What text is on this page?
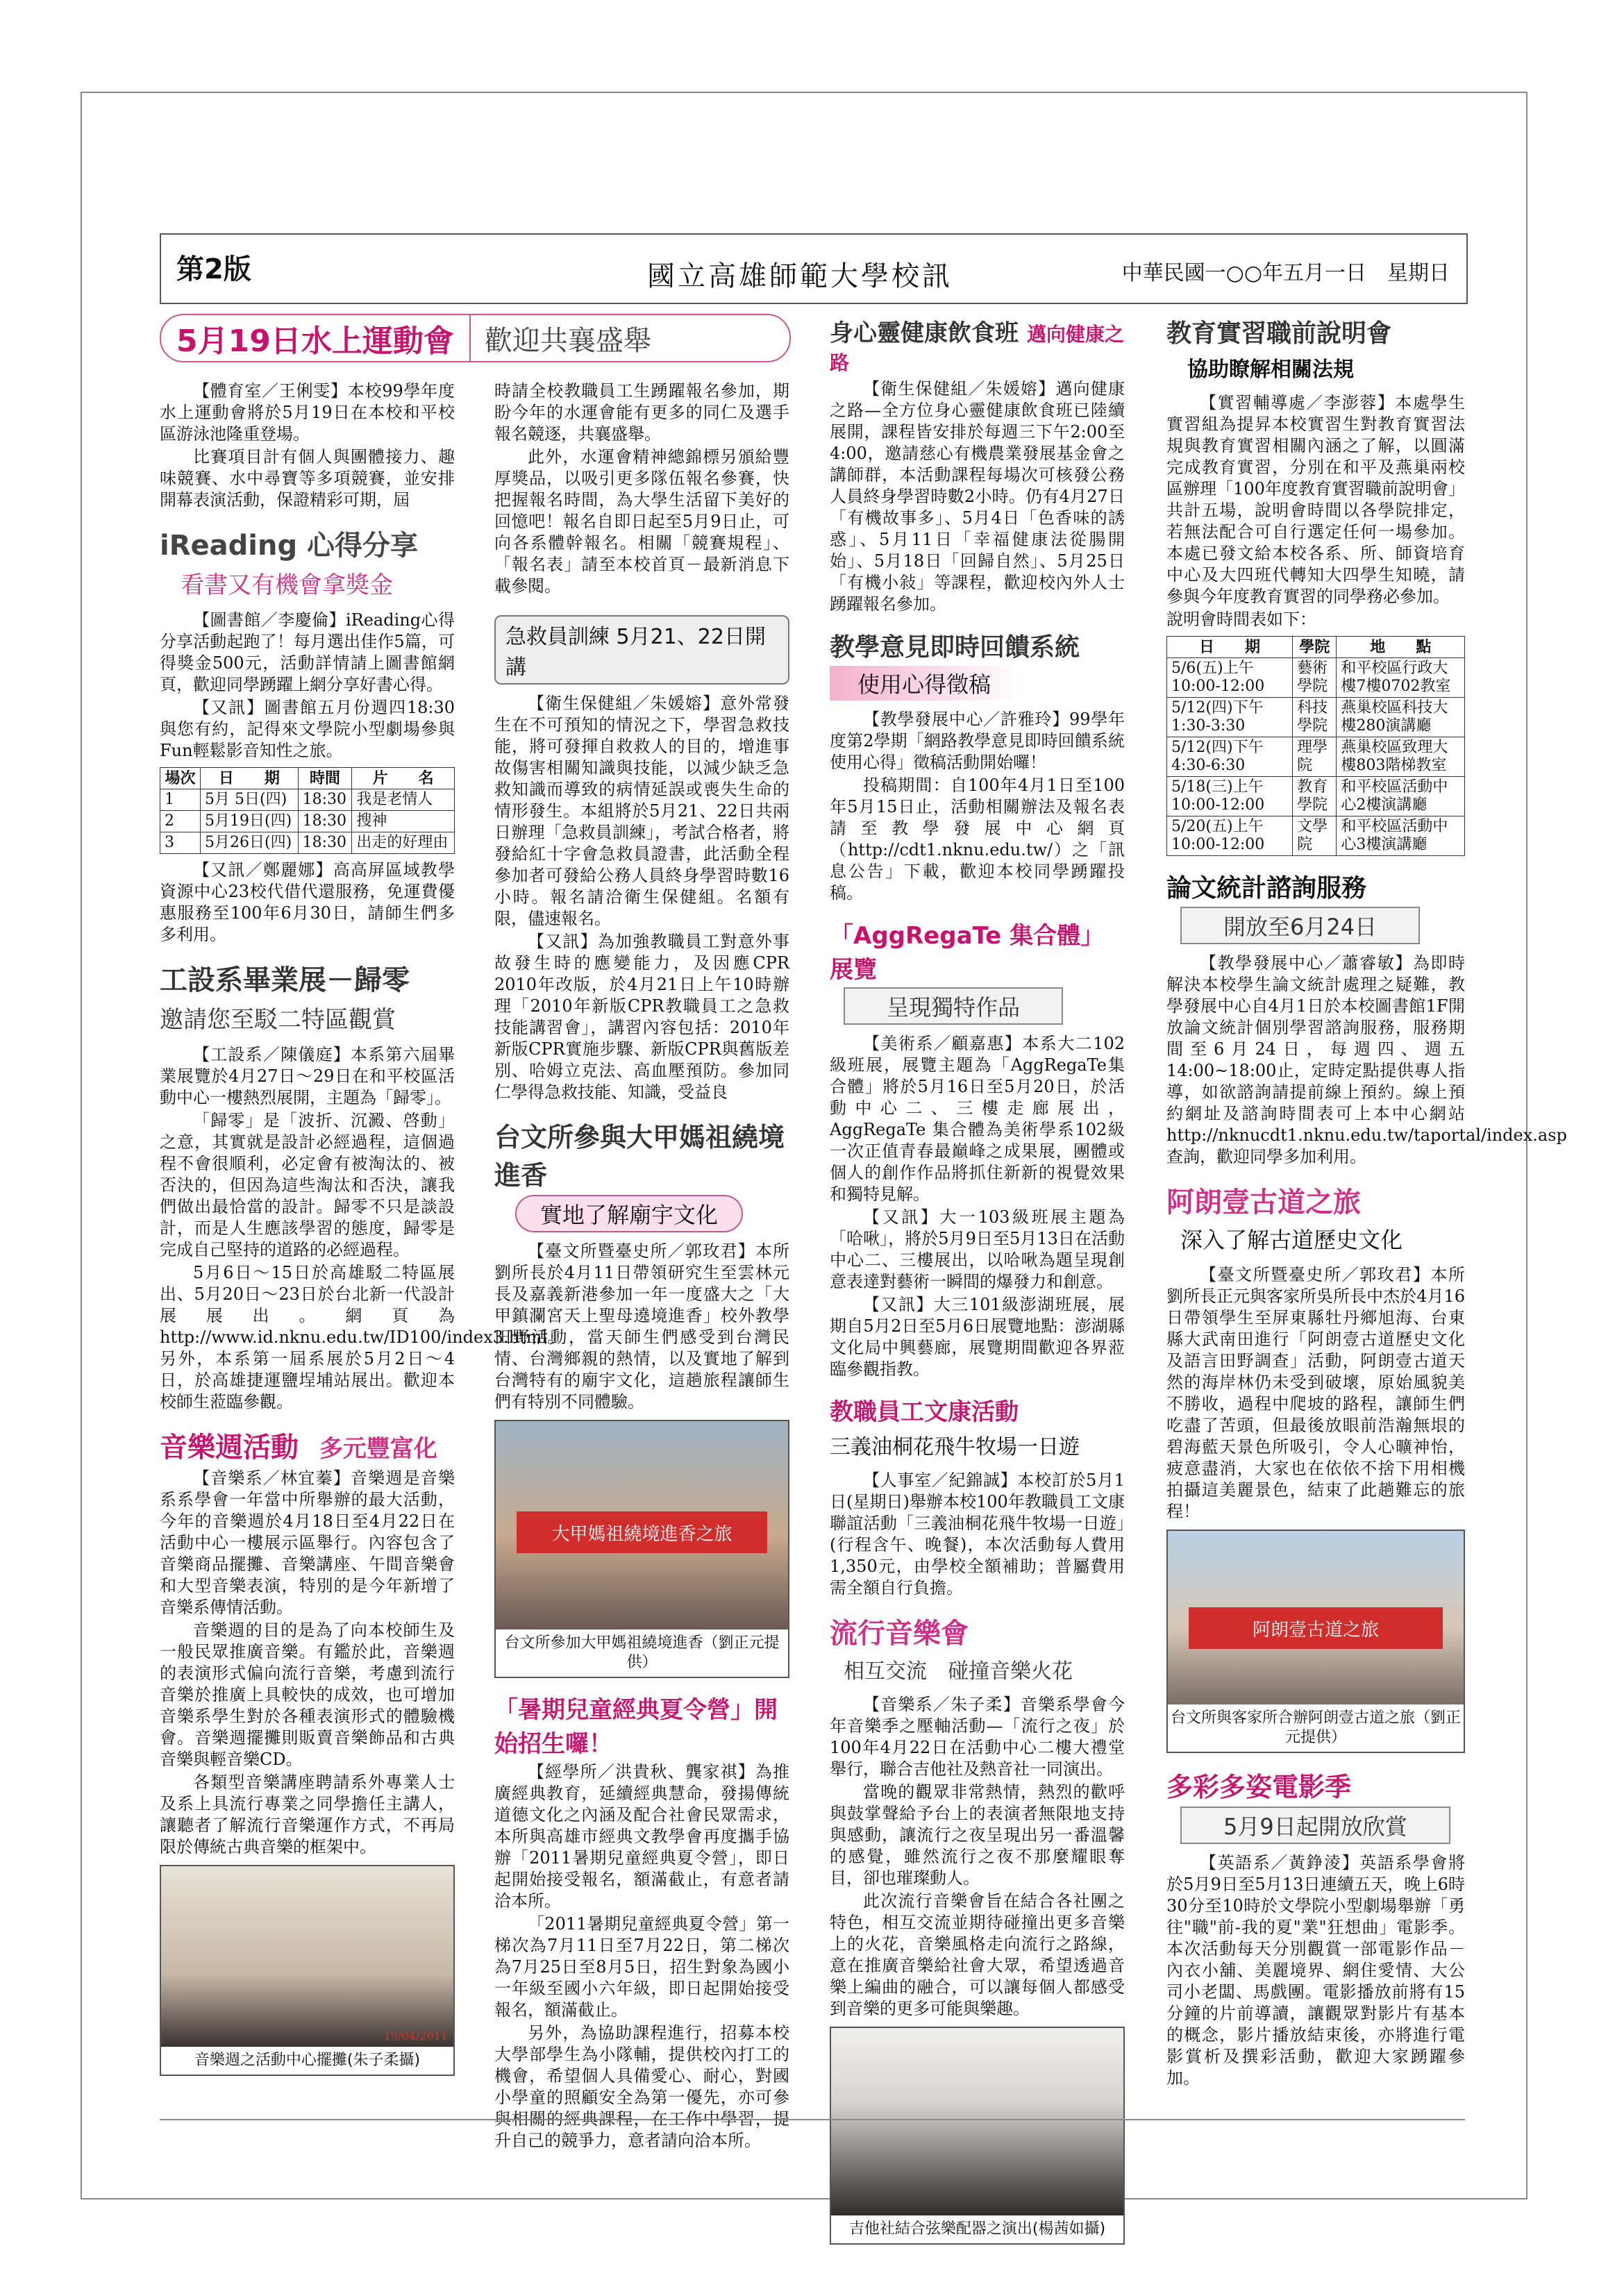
第2版	國立高雄師範大學校訊	中華民國一○○年五月一日　星期日
5月19日水上運動會	歡迎共襄盛舉

【體育室／王俐雯】本校99學年度水上運動會將於5月19日在本校和平校區游泳池隆重登場。

比賽項目計有個人與團體接力、趣味競賽、水中尋寶等多項競賽，並安排開幕表演活動，保證精彩可期，屆

iReading 心得分享
看書又有機會拿獎金

【圖書館／李慶倫】iReading心得分享活動起跑了！每月選出佳作5篇，可得獎金500元，活動詳情請上圖書館網頁，歡迎同學踴躍上網分享好書心得。

【又訊】圖書館五月份週四18:30與您有約，記得來文學院小型劇場參與Fun輕鬆影音知性之旅。

場次	日　　期	時間	片　　名
1	5月 5日(四)	18:30	我是老情人
2	5月19日(四)	18:30	搜神
3	5月26日(四)	18:30	出走的好理由

【又訊／鄭麗娜】高高屏區域教學資源中心23校代借代還服務，免運費優惠服務至100年6月30日，請師生們多多利用。

工設系畢業展－歸零
邀請您至駁二特區觀賞

【工設系／陳儀庭】本系第六屆畢業展覽於4月27日～29日在和平校區活動中心一樓熱烈展開，主題為「歸零」。

「歸零」是「波折、沉澱、啓動」之意，其實就是設計必經過程，這個過程不會很順利，必定會有被淘汰的、被否決的，但因為這些淘汰和否決，讓我們做出最恰當的設計。歸零不只是談設計，而是人生應該學習的態度，歸零是完成自己堅持的道路的必經過程。

5月6日～15日於高雄駁二特區展出、5月20日～23日於台北新一代設計展展出。網頁為http://www.id.nknu.edu.tw/ID100/index3.html。另外，本系第一屆系展於5月2日～4日，於高雄捷運鹽埕埔站展出。歡迎本校師生蒞臨參觀。

音樂週活動 多元豐富化

【音樂系／林宜蓁】音樂週是音樂系系學會一年當中所舉辦的最大活動，今年的音樂週於4月18日至4月22日在活動中心一樓展示區舉行。內容包含了音樂商品擺攤、音樂講座、午間音樂會和大型音樂表演，特別的是今年新增了音樂系傳情活動。

音樂週的目的是為了向本校師生及一般民眾推廣音樂。有鑑於此，音樂週的表演形式偏向流行音樂，考慮到流行音樂於推廣上具較快的成效，也可增加音樂系學生對於各種表演形式的體驗機會。音樂週擺攤則販賣音樂飾品和古典音樂與輕音樂CD。

各類型音樂講座聘請系外專業人士及系上具流行專業之同學擔任主講人，讓聽者了解流行音樂運作方式，不再局限於傳統古典音樂的框架中。

19/04/2011
音樂週之活動中心擺攤(朱子柔攝)

時請全校教職員工生踴躍報名參加，期盼今年的水運會能有更多的同仁及選手報名競逐，共襄盛舉。

此外，水運會精神總錦標另頒給豐厚獎品，以吸引更多隊伍報名參賽，快把握報名時間，為大學生活留下美好的回憶吧！報名自即日起至5月9日止，可向各系體幹報名。相關「競賽規程」、「報名表」請至本校首頁－最新消息下載參閱。

急救員訓練 5月21、22日開講

【衛生保健組／朱媛嫆】意外常發生在不可預知的情況之下，學習急救技能，將可發揮自救救人的目的，增進事故傷害相關知識與技能，以減少缺乏急救知識而導致的病情延誤或喪失生命的情形發生。本組將於5月21、22日共兩日辦理「急救員訓練」，考試合格者，將發給紅十字會急救員證書，此活動全程參加者可發給公務人員終身學習時數16小時。報名請洽衛生保健組。名額有限，儘速報名。

【又訊】為加強教職員工對意外事故發生時的應變能力，及因應CPR 2010年改版，於4月21日上午10時辦理「2010年新版CPR教職員工之急救技能講習會」，講習內容包括：2010年新版CPR實施步驟、新版CPR與舊版差別、哈姆立克法、高血壓預防。參加同仁學得急救技能、知識，受益良

台文所參與大甲媽祖繞境進香
實地了解廟宇文化

【臺文所暨臺史所／郭玫君】本所劉所長於4月11日帶領研究生至雲林元長及嘉義新港參加一年一度盛大之「大甲鎮瀾宮天上聖母遶境進香」校外教學田野活動，當天師生們感受到台灣民情、台灣鄉親的熱情，以及實地了解到台灣特有的廟宇文化，這趟旅程讓師生們有特別不同體驗。

大甲媽祖繞境進香之旅
台文所參加大甲媽祖繞境進香（劉正元提供）
「暑期兒童經典夏令營」開始招生囉！

【經學所／洪貴秋、龔家祺】為推廣經典教育，延續經典慧命，發揚傳統道德文化之內涵及配合社會民眾需求，本所與高雄市經典文教學會再度攜手協辦「2011暑期兒童經典夏令營」，即日起開始接受報名，額滿截止，有意者請洽本所。

「2011暑期兒童經典夏令營」第一梯次為7月11日至7月22日，第二梯次為7月25日至8月5日，招生對象為國小一年級至國小六年級，即日起開始接受報名，額滿截止。

另外，為協助課程進行，招募本校大學部學生為小隊輔，提供校內打工的機會，希望個人具備愛心、耐心，對國小學童的照顧安全為第一優先，亦可參與相關的經典課程，在工作中學習，提升自己的競爭力，意者請向洽本所。

身心靈健康飲食班 邁向健康之路

【衛生保健組／朱媛嫆】邁向健康之路—全方位身心靈健康飲食班已陸續展開，課程皆安排於每週三下午2:00至4:00，邀請慈心有機農業發展基金會之講師群，本活動課程每場次可核發公務人員終身學習時數2小時。仍有4月27日「有機故事多」、5月4日「色香味的誘惑」、5月11日「幸福健康法從腸開始」、5月18日「回歸自然」、5月25日「有機小敍」等課程，歡迎校內外人士踴躍報名參加。

教學意見即時回饋系統
使用心得徵稿

【教學發展中心／許雅玲】99學年度第2學期「網路教學意見即時回饋系統使用心得」徵稿活動開始囉！

投稿期間：自100年4月1日至100年5月15日止，活動相關辦法及報名表請至教學發展中心網頁（http://cdt1.nknu.edu.tw/）之「訊息公告」下載，歡迎本校同學踴躍投稿。

「AggRegaTe 集合體」展覽
呈現獨特作品

【美術系／顧嘉惠】本系大二102級班展，展覽主題為「AggRegaTe集合體」將於5月16日至5月20日，於活動中心二、三樓走廊展出，AggRegaTe 集合體為美術學系102級一次正值青春最巔峰之成果展，團體或個人的創作作品將抓住新新的視覺效果和獨特見解。

【又訊】大一103級班展主題為「哈啾」，將於5月9日至5月13日在活動中心二、三樓展出，以哈啾為題呈現創意表達對藝術一瞬間的爆發力和創意。

【又訊】大三101級澎湖班展，展期自5月2日至5月6日展覽地點：澎湖縣文化局中興藝廊，展覽期間歡迎各界蒞臨參觀指教。

教職員工文康活動
三義油桐花飛牛牧場一日遊

【人事室／紀錦誠】本校訂於5月1日(星期日)舉辦本校100年教職員工文康聯誼活動「三義油桐花飛牛牧場一日遊」(行程含午、晚餐)，本次活動每人費用1,350元，由學校全額補助；普屬費用需全額自行負擔。

流行音樂會
相互交流　碰撞音樂火花

【音樂系／朱子柔】音樂系學會今年音樂季之壓軸活動—「流行之夜」於100年4月22日在活動中心二樓大禮堂舉行，聯合吉他社及熱音社一同演出。

當晚的觀眾非常熱情，熱烈的歡呼與鼓掌聲給予台上的表演者無限地支持與感動，讓流行之夜呈現出另一番溫馨的感覺，雖然流行之夜不那麼耀眼奪目，卻也璀璨動人。

此次流行音樂會旨在結合各社團之特色，相互交流並期待碰撞出更多音樂上的火花，音樂風格走向流行之路線，意在推廣音樂給社會大眾，希望透過音樂上編曲的融合，可以讓每個人都感受到音樂的更多可能與樂趣。

吉他社結合弦樂配器之演出(楊茜如攝)
教育實習職前說明會
協助瞭解相關法規

【實習輔導處／李澎蓉】本處學生實習組為提昇本校實習生對教育實習法規與教育實習相關內涵之了解，以圓滿完成教育實習，分別在和平及燕巢兩校區辦理「100年度教育實習職前說明會」共計五場，說明會時間以各學院排定，若無法配合可自行選定任何一場參加。本處已發文給本校各系、所、師資培育中心及大四班代轉知大四學生知曉，請參與今年度教育實習的同學務必參加。

說明會時間表如下：

日　　期	學院	地　　點
5/6(五)上午 10:00-12:00	藝術學院	和平校區行政大樓7樓0702教室
5/12(四)下午 1:30-3:30	科技學院	燕巢校區科技大樓280演講廳
5/12(四)下午 4:30-6:30	理學院	燕巢校區致理大樓803階梯教室
5/18(三)上午 10:00-12:00	教育學院	和平校區活動中心2樓演講廳
5/20(五)上午 10:00-12:00	文學院	和平校區活動中心3樓演講廳
論文統計諮詢服務
開放至6月24日

【教學發展中心／蕭睿敏】為即時解決本校學生論文統計處理之疑難，教學發展中心自4月1日於本校圖書館1F開放論文統計個別學習諮詢服務，服務期間至6月24日，每週四、週五14:00~18:00止，定時定點提供專人指導，如欲諮詢請提前線上預約。線上預約網址及諮詢時間表可上本中心網站 http://nknucdt1.nknu.edu.tw/taportal/index.asp 查詢，歡迎同學多加利用。

阿朗壹古道之旅
深入了解古道歷史文化

【臺文所暨臺史所／郭玫君】本所劉所長正元與客家所吳所長中杰於4月16日帶領學生至屏東縣牡丹鄉旭海、台東縣大武南田進行「阿朗壹古道歷史文化及語言田野調查」活動，阿朗壹古道天然的海岸林仍未受到破壞，原始風貌美不勝收，過程中爬坡的路程，讓師生們吃盡了苦頭，但最後放眼前浩瀚無垠的碧海藍天景色所吸引，令人心曠神怡，疲意盡消，大家也在依依不捨下用相機拍攝這美麗景色，結束了此趟難忘的旅程！

阿朗壹古道之旅
台文所與客家所合辦阿朗壹古道之旅（劉正元提供）
多彩多姿電影季
5月9日起開放欣賞

【英語系／黃錚淩】英語系學會將於5月9日至5月13日連續五天，晚上6時30分至10時於文學院小型劇場舉辦「勇往"職"前-我的夏"業"狂想曲」電影季。本次活動每天分別觀賞一部電影作品－內衣小舖、美麗境界、網住愛情、大公司小老闆、馬戲團。電影播放前將有15分鐘的片前導讀，讓觀眾對影片有基本的概念，影片播放結束後，亦將進行電影賞析及撰彩活動，歡迎大家踴躍參加。
